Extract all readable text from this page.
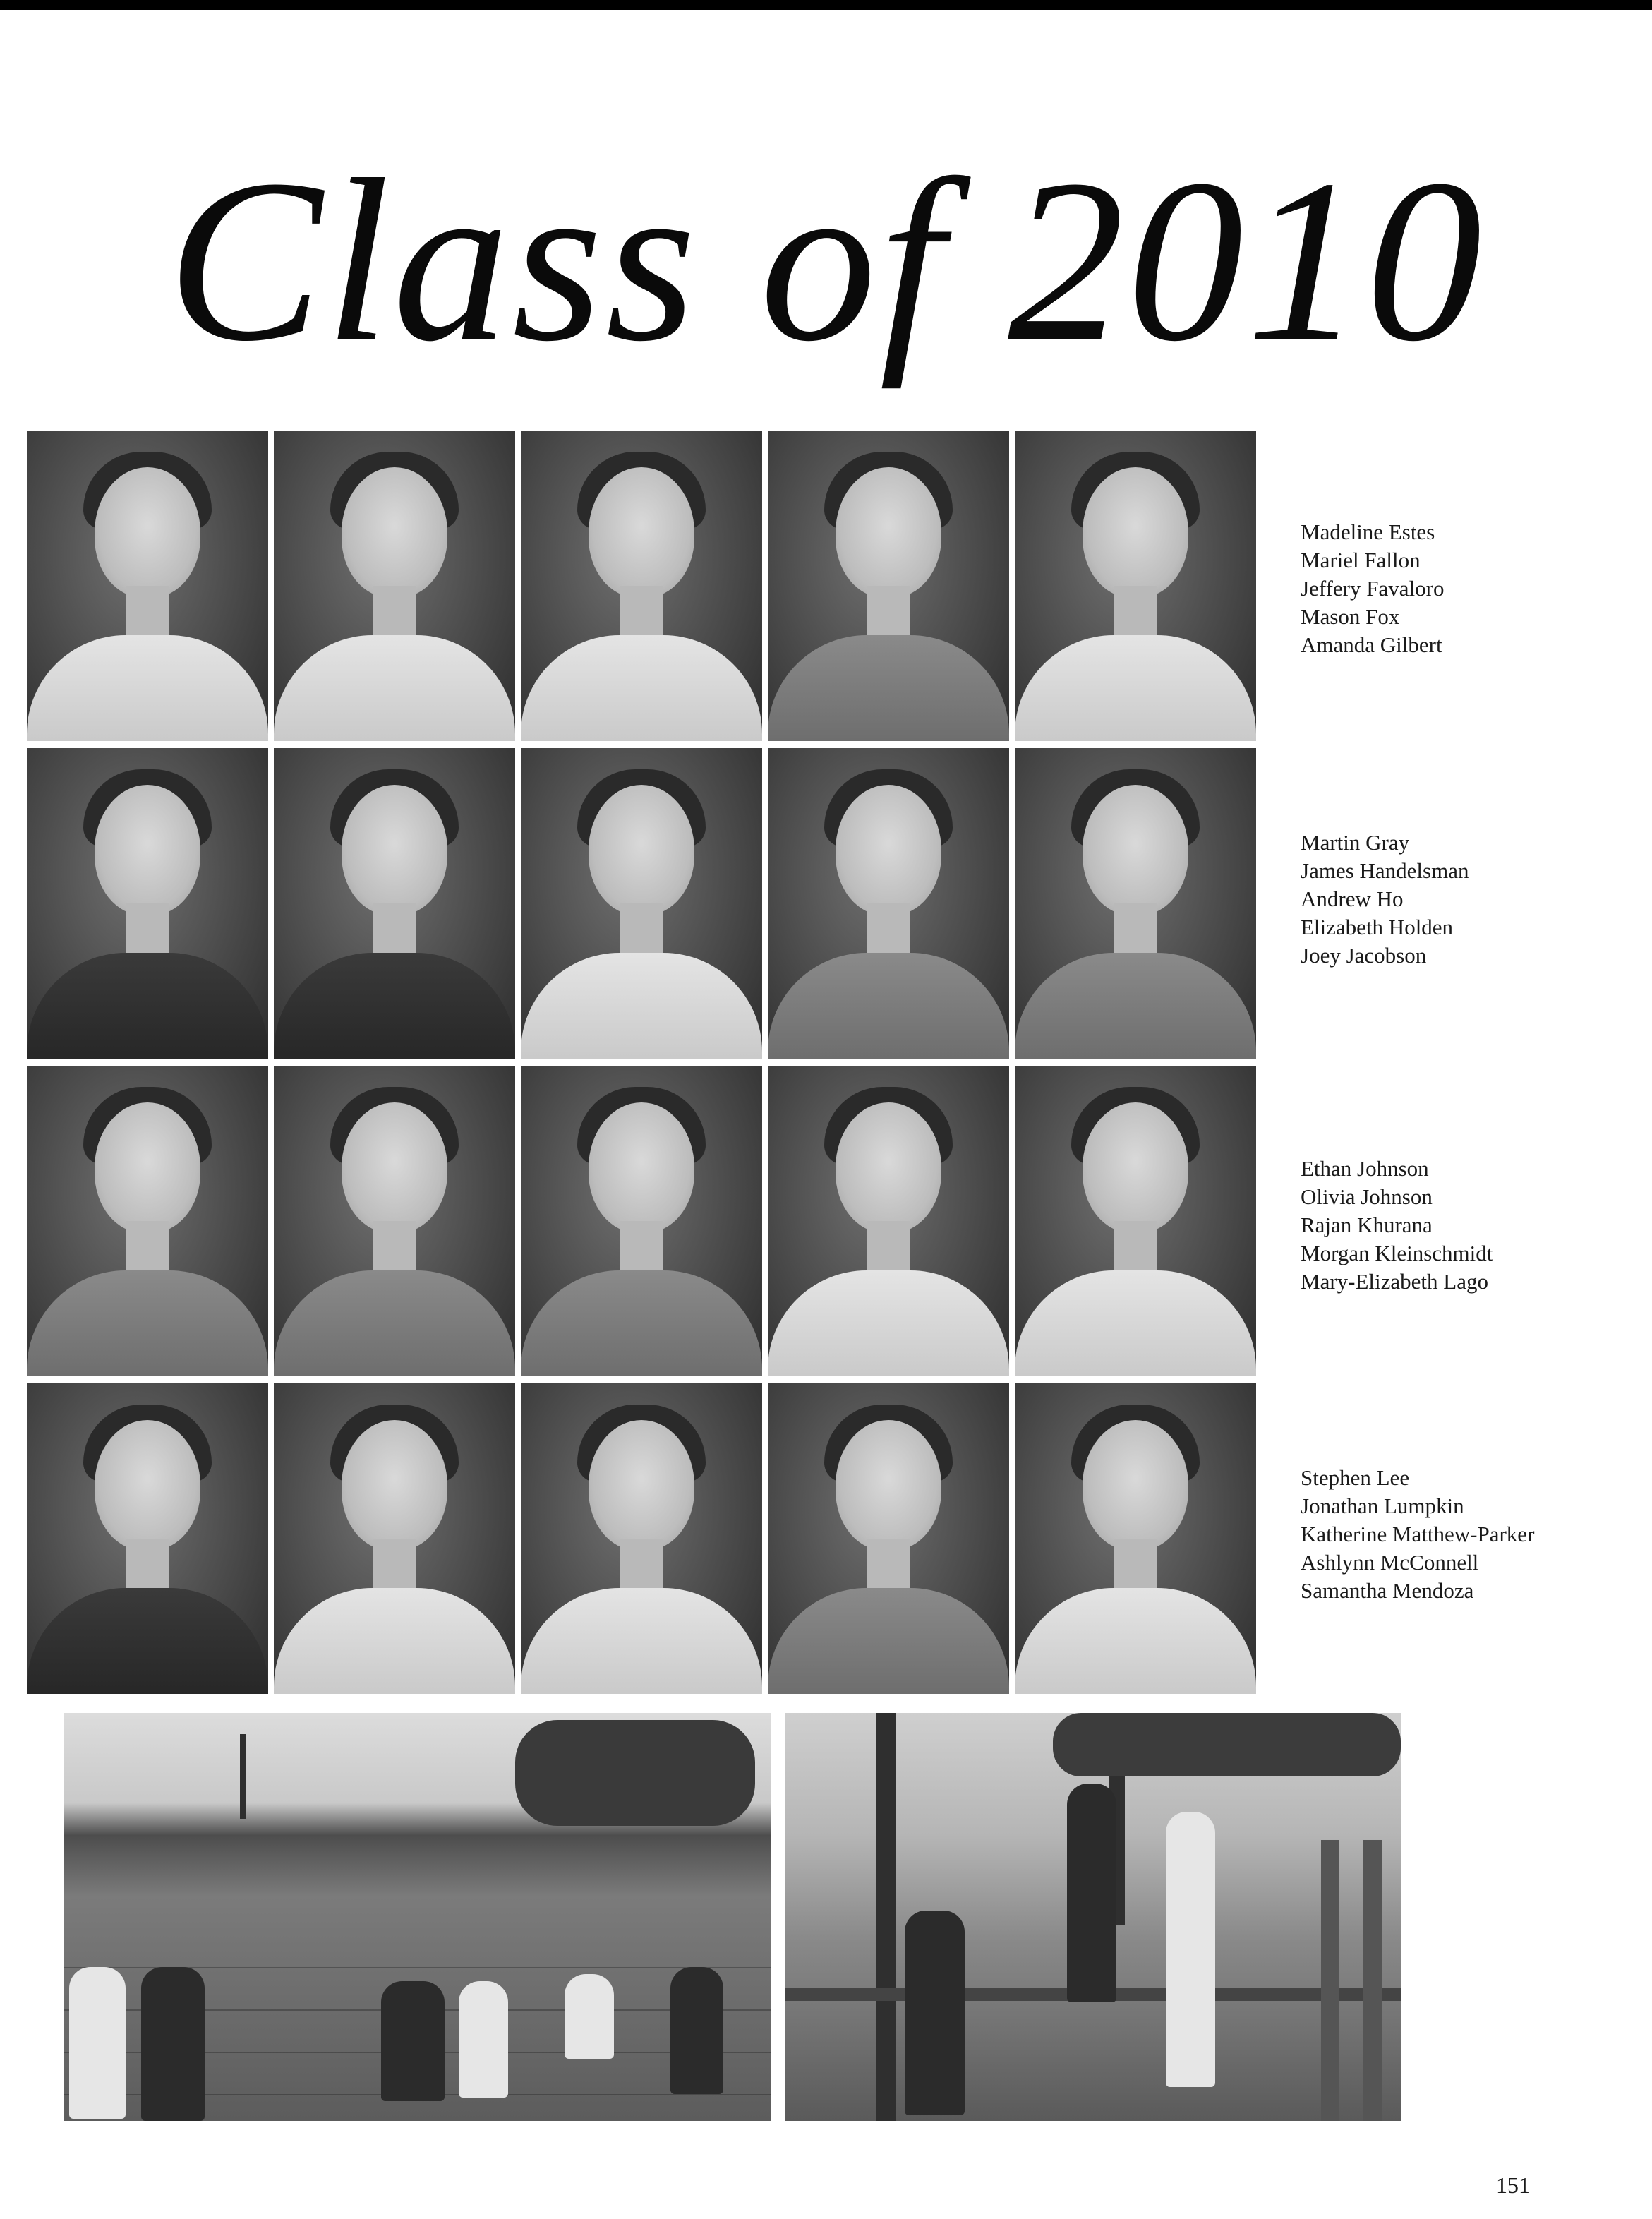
Class of 2010
Madeline Estes
Mariel Fallon
Jeffery Favaloro
Mason Fox
Amanda Gilbert
Martin Gray
James Handelsman
Andrew Ho
Elizabeth Holden
Joey Jacobson
Ethan Johnson
Olivia Johnson
Rajan Khurana
Morgan Kleinschmidt
Mary-Elizabeth Lago
Stephen Lee
Jonathan Lumpkin
Katherine Matthew-Parker
Ashlynn McConnell
Samantha Mendoza
151
